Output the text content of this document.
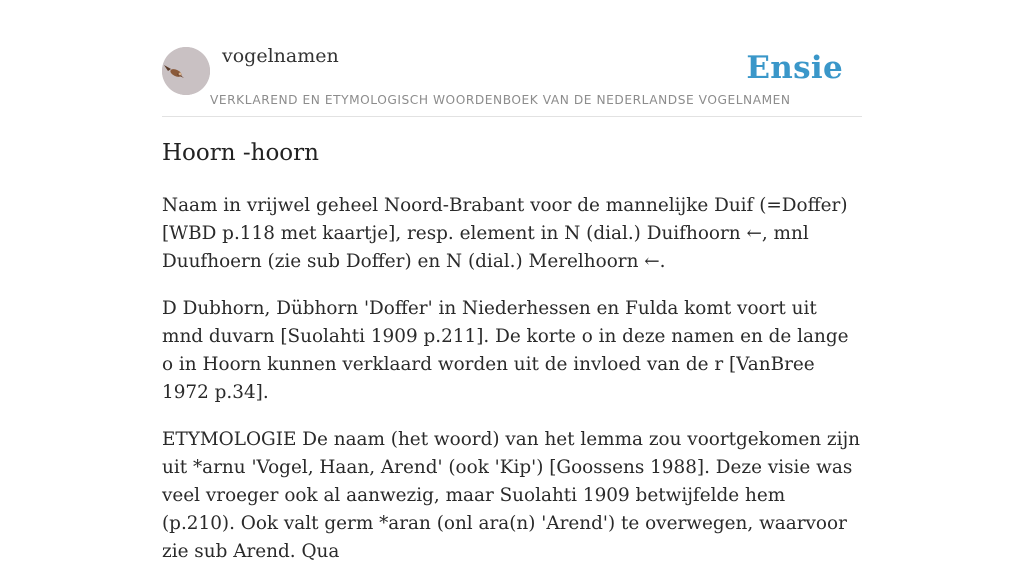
vogelnamen	Ensie
VERKLAREND EN ETYMOLOGISCH WOORDENBOEK VAN DE NEDERLANDSE VOGELNAMEN
Hoorn -hoorn

Naam in vrijwel geheel Noord-Brabant voor de mannelijke Duif (=Doffer) [WBD p.118 met kaartje], resp. element in N (dial.) Duifhoorn ←, mnl Duufhoern (zie sub Doffer) en N (dial.) Merelhoorn ←.

D Dubhorn, Dübhorn 'Doffer' in Niederhessen en Fulda komt voort uit mnd duvarn [Suolahti 1909 p.211]. De korte o in deze namen en de lange o in Hoorn kunnen verklaard worden uit de invloed van de r [VanBree 1972 p.34].

ETYMOLOGIE De naam (het woord) van het lemma zou voortgekomen zijn uit *arnu 'Vogel, Haan, Arend' (ook 'Kip') [Goossens 1988]. Deze visie was veel vroeger ook al aanwezig, maar Suolahti 1909 betwijfelde hem (p.210). Ook valt germ *aran (onl ara(n) 'Arend') te overwegen, waarvoor zie sub Arend. Qua
